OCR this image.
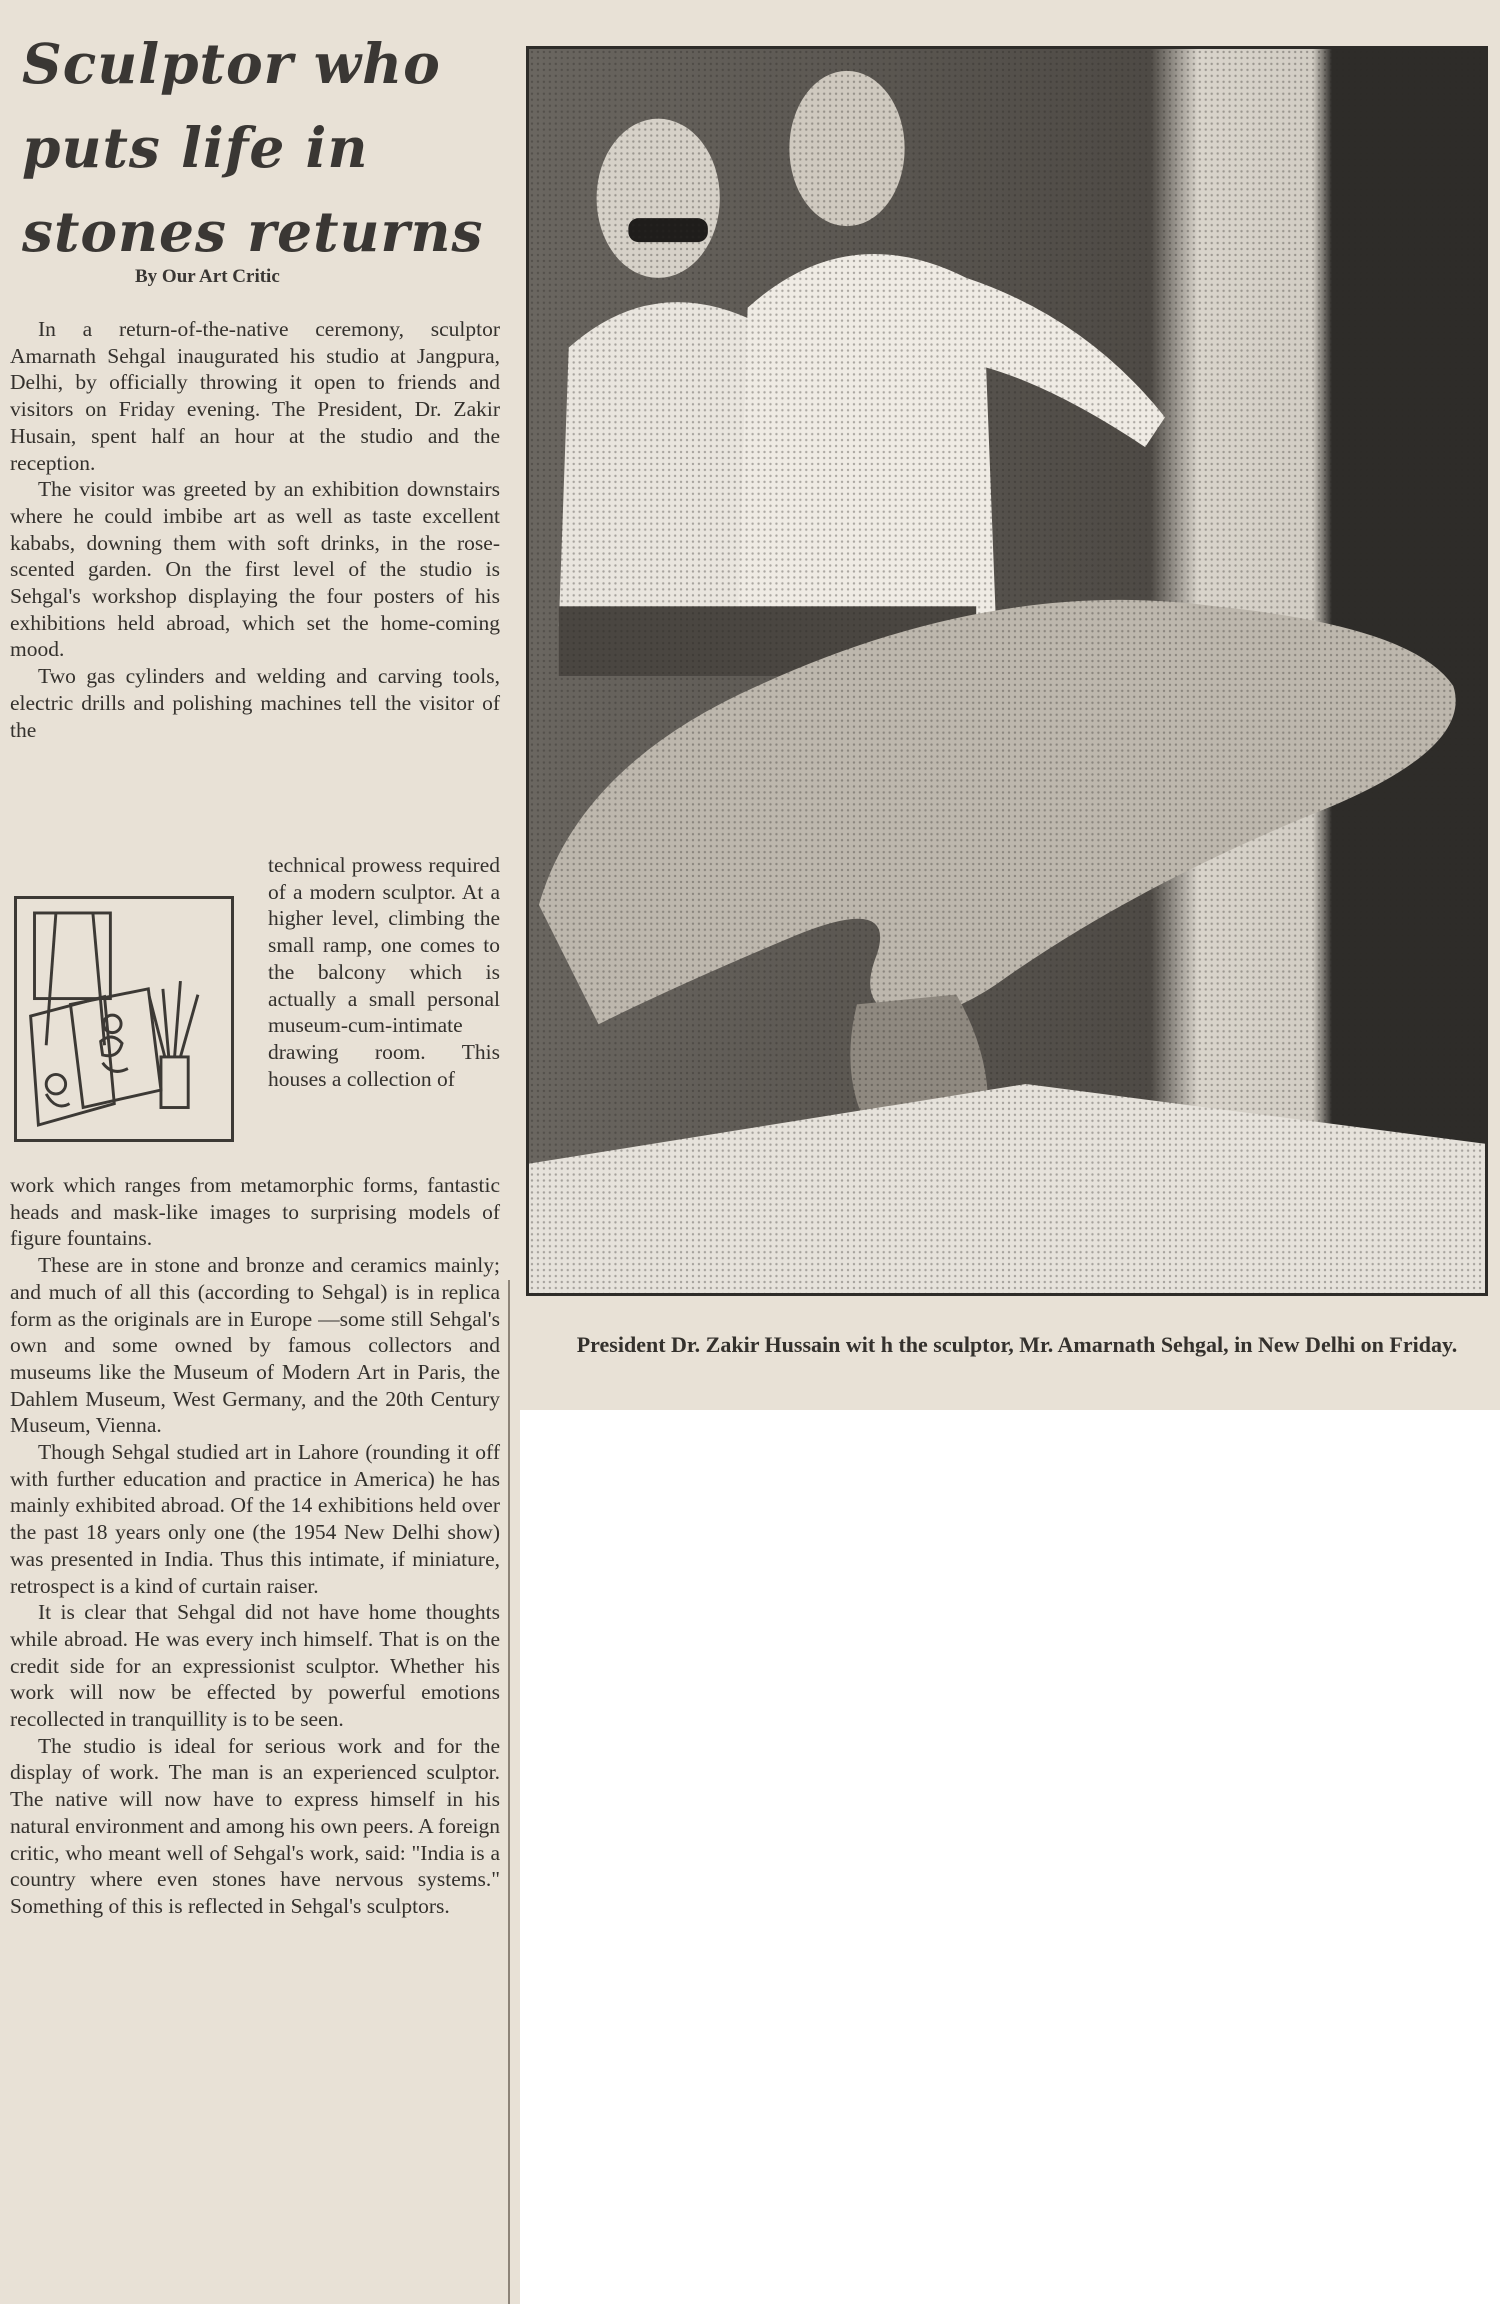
Sculptor who puts life in stones returns
By Our Art Critic

In a return-of-the-native ceremony, sculptor Amarnath Sehgal inaugurated his studio at Jangpura, Delhi, by officially throwing it open to friends and visitors on Friday evening. The President, Dr. Zakir Husain, spent half an hour at the studio and the reception.

The visitor was greeted by an exhibition downstairs where he could imbibe art as well as taste excellent kababs, downing them with soft drinks, in the rose-scented garden. On the first level of the studio is Sehgal's workshop displaying the four posters of his exhibitions held abroad, which set the home-coming mood.

Two gas cylinders and welding and carving tools, electric drills and polishing machines tell the visitor of the

technical prowess required of a modern sculptor. At a higher level, climbing the small ramp, one comes to the balcony which is actually a small personal museum-cum-intimate drawing room. This houses a collection of

work which ranges from metamorphic forms, fantastic heads and mask-like images to surprising models of figure fountains.

These are in stone and bronze and ceramics mainly; and much of all this (according to Sehgal) is in replica form as the originals are in Europe —some still Sehgal's own and some owned by famous collectors and museums like the Museum of Modern Art in Paris, the Dahlem Museum, West Germany, and the 20th Century Museum, Vienna.

Though Sehgal studied art in Lahore (rounding it off with further education and practice in America) he has mainly exhibited abroad. Of the 14 exhibitions held over the past 18 years only one (the 1954 New Delhi show) was presented in India. Thus this intimate, if miniature, retrospect is a kind of curtain raiser.

It is clear that Sehgal did not have home thoughts while abroad. He was every inch himself. That is on the credit side for an expressionist sculptor. Whether his work will now be effected by powerful emotions recollected in tranquillity is to be seen.

The studio is ideal for serious work and for the display of work. The man is an experienced sculptor. The native will now have to express himself in his natural environment and among his own peers. A foreign critic, who meant well of Sehgal's work, said: "India is a country where even stones have nervous systems." Something of this is reflected in Sehgal's sculptors.

President Dr. Zakir Hussain wit h the sculptor, Mr. Amarnath Sehgal, in New Delhi on Friday.
